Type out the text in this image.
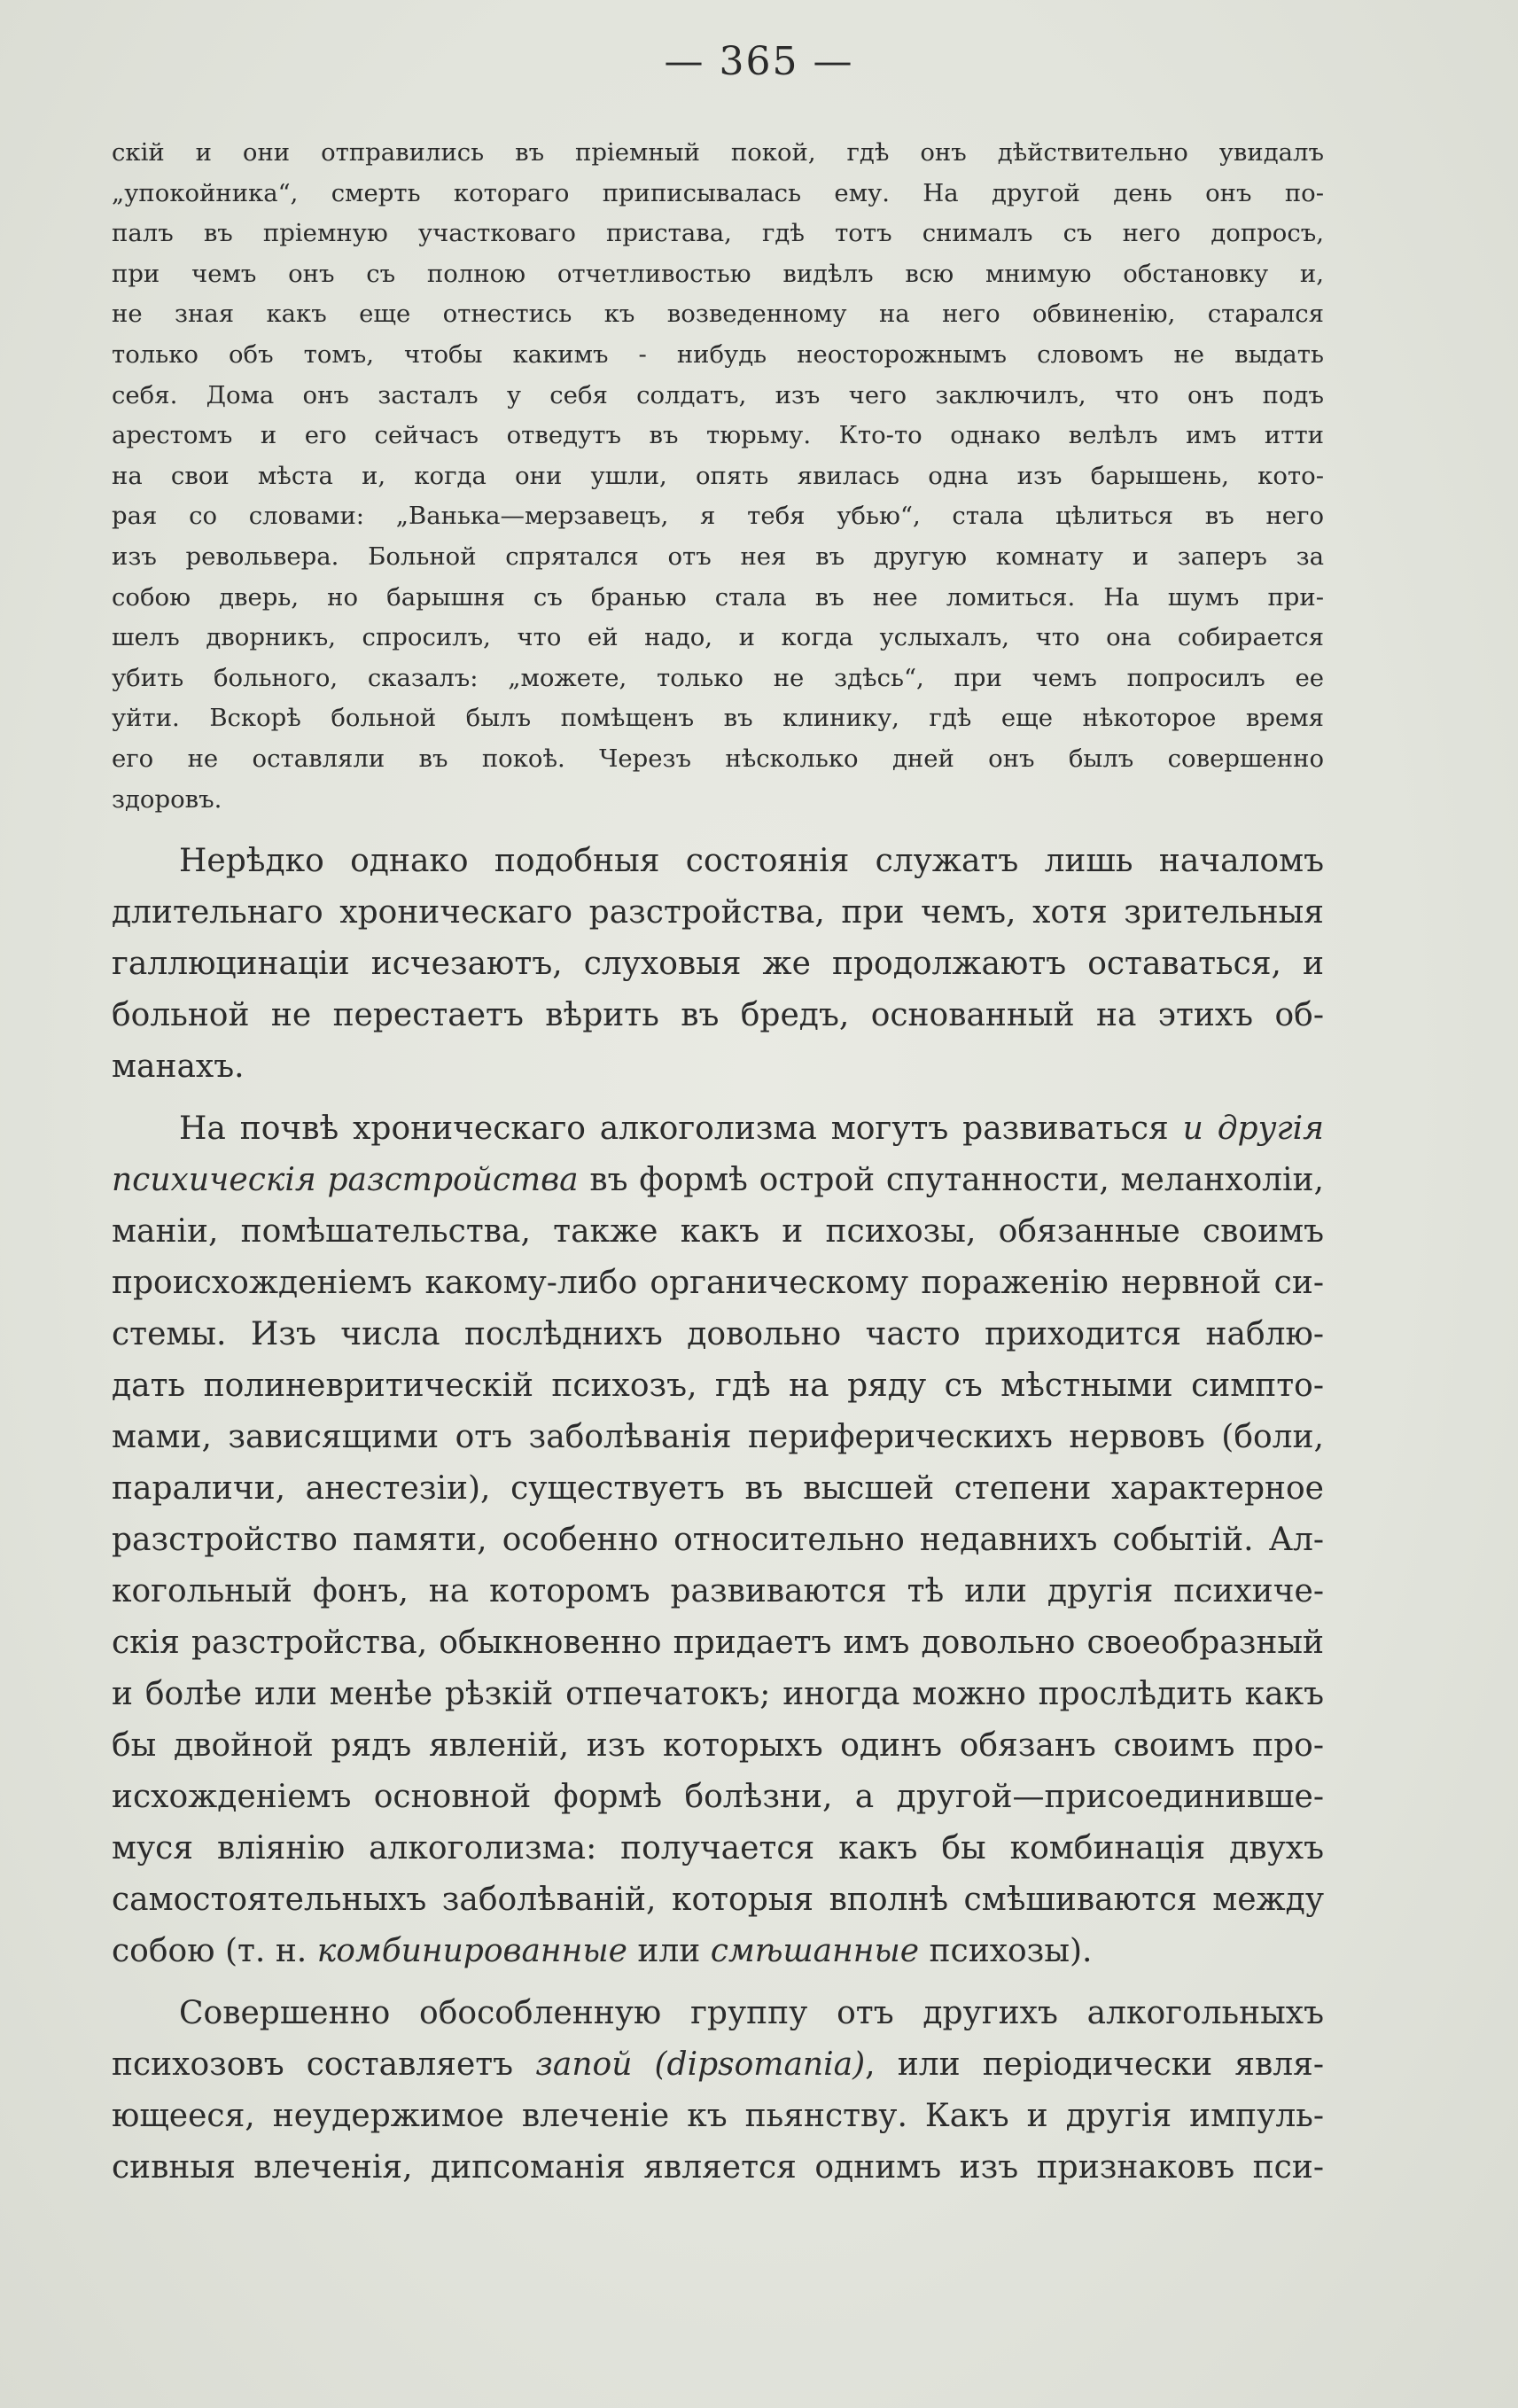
— 365 —
скій и они отправились въ пріемный покой, гдѣ онъ дѣйствительно увидалъ
„упокойника“, смерть котораго приписывалась ему. На другой день онъ по-
палъ въ пріемную участковаго пристава, гдѣ тотъ снималъ съ него допросъ,
при чемъ онъ съ полною отчетливостью видѣлъ всю мнимую обстановку и,
не зная какъ еще отнестись къ возведенному на него обвиненію, старался
только объ томъ, чтобы какимъ - нибудь неосторожнымъ словомъ не выдать
себя. Дома онъ засталъ у себя солдатъ, изъ чего заключилъ, что онъ подъ
арестомъ и его сейчасъ отведутъ въ тюрьму. Кто-то однако велѣлъ имъ итти
на свои мѣста и, когда они ушли, опять явилась одна изъ барышень, кото-
рая со словами: „Ванька—мерзавецъ, я тебя убью“, стала цѣлиться въ него
изъ револьвера. Больной спрятался отъ нея въ другую комнату и заперъ за
собою дверь, но барышня съ бранью стала въ нее ломиться. На шумъ при-
шелъ дворникъ, спросилъ, что ей надо, и когда услыхалъ, что она собирается
убить больного, сказалъ: „можете, только не здѣсь“, при чемъ попросилъ ее
уйти. Вскорѣ больной былъ помѣщенъ въ клинику, гдѣ еще нѣкоторое время
его не оставляли въ покоѣ. Черезъ нѣсколько дней онъ былъ совершенно
здоровъ.
Нерѣдко однако подобныя состоянія служатъ лишь началомъ
длительнаго хроническаго разстройства, при чемъ, хотя зрительныя
галлюцинаціи исчезаютъ, слуховыя же продолжаютъ оставаться, и
больной не перестаетъ вѣрить въ бредъ, основанный на этихъ об-
манахъ.
На почвѣ хроническаго алкоголизма могутъ развиваться и другія
психическія разстройства въ формѣ острой спутанности, меланхоліи,
маніи, помѣшательства, также какъ и психозы, обязанные своимъ
происхожденіемъ какому-либо органическому пораженію нервной си-
стемы. Изъ числа послѣднихъ довольно часто приходится наблю-
дать полиневритическій психозъ, гдѣ на ряду съ мѣстными симпто-
мами, зависящими отъ заболѣванія периферическихъ нервовъ (боли,
параличи, анестезіи), существуетъ въ высшей степени характерное
разстройство памяти, особенно относительно недавнихъ событій. Ал-
когольный фонъ, на которомъ развиваются тѣ или другія психиче-
скія разстройства, обыкновенно придаетъ имъ довольно своеобразный
и болѣе или менѣе рѣзкій отпечатокъ; иногда можно прослѣдить какъ
бы двойной рядъ явленій, изъ которыхъ одинъ обязанъ своимъ про-
исхожденіемъ основной формѣ болѣзни, а другой—присоединивше-
муся вліянію алкоголизма: получается какъ бы комбинація двухъ
самостоятельныхъ заболѣваній, которыя вполнѣ смѣшиваются между
собою (т. н. комбинированные или смѣшанные психозы).
Совершенно обособленную группу отъ другихъ алкогольныхъ
психозовъ составляетъ запой (dipsomania), или періодически явля-
ющееся, неудержимое влеченіе къ пьянству. Какъ и другія импуль-
сивныя влеченія, дипсоманія является однимъ изъ признаковъ пси-
